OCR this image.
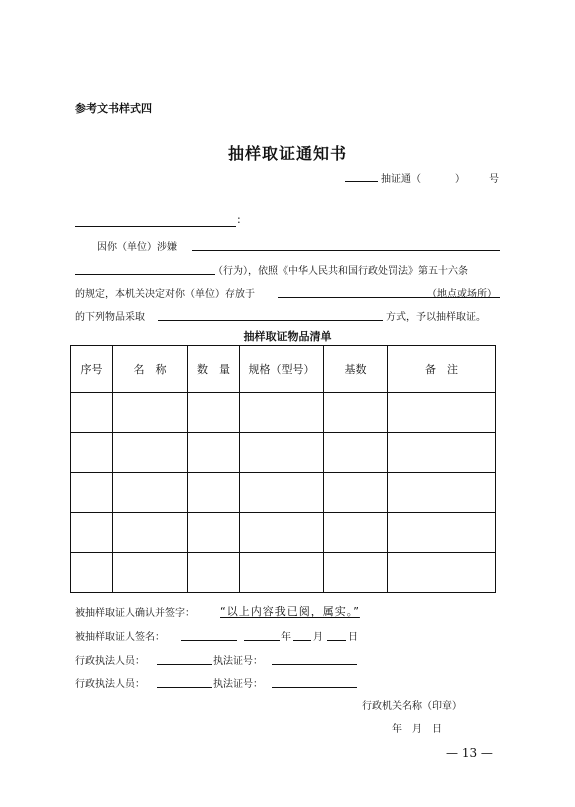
参考文书样式四
抽样取证通知书
抽证通（	） 号
:
因你（单位）涉嫌
（行为），依照《中华人民共和国行政处罚法》第五十六条
的规定，本机关决定对你（单位）存放于	（地点或场所）
的下列物品采取	方式，予以抽样取证。
抽样取证物品清单
序号	名　称	数　量	规格（型号）	基数	备　注

被抽样取证人确认并签字： “以上内容我已阅，属实。”
被抽样取证人签名：	年 月	日
行政执法人员：	执法证号：
行政执法人员：	执法证号：
行政机关名称（印章）
年　月　日
— 13 —
